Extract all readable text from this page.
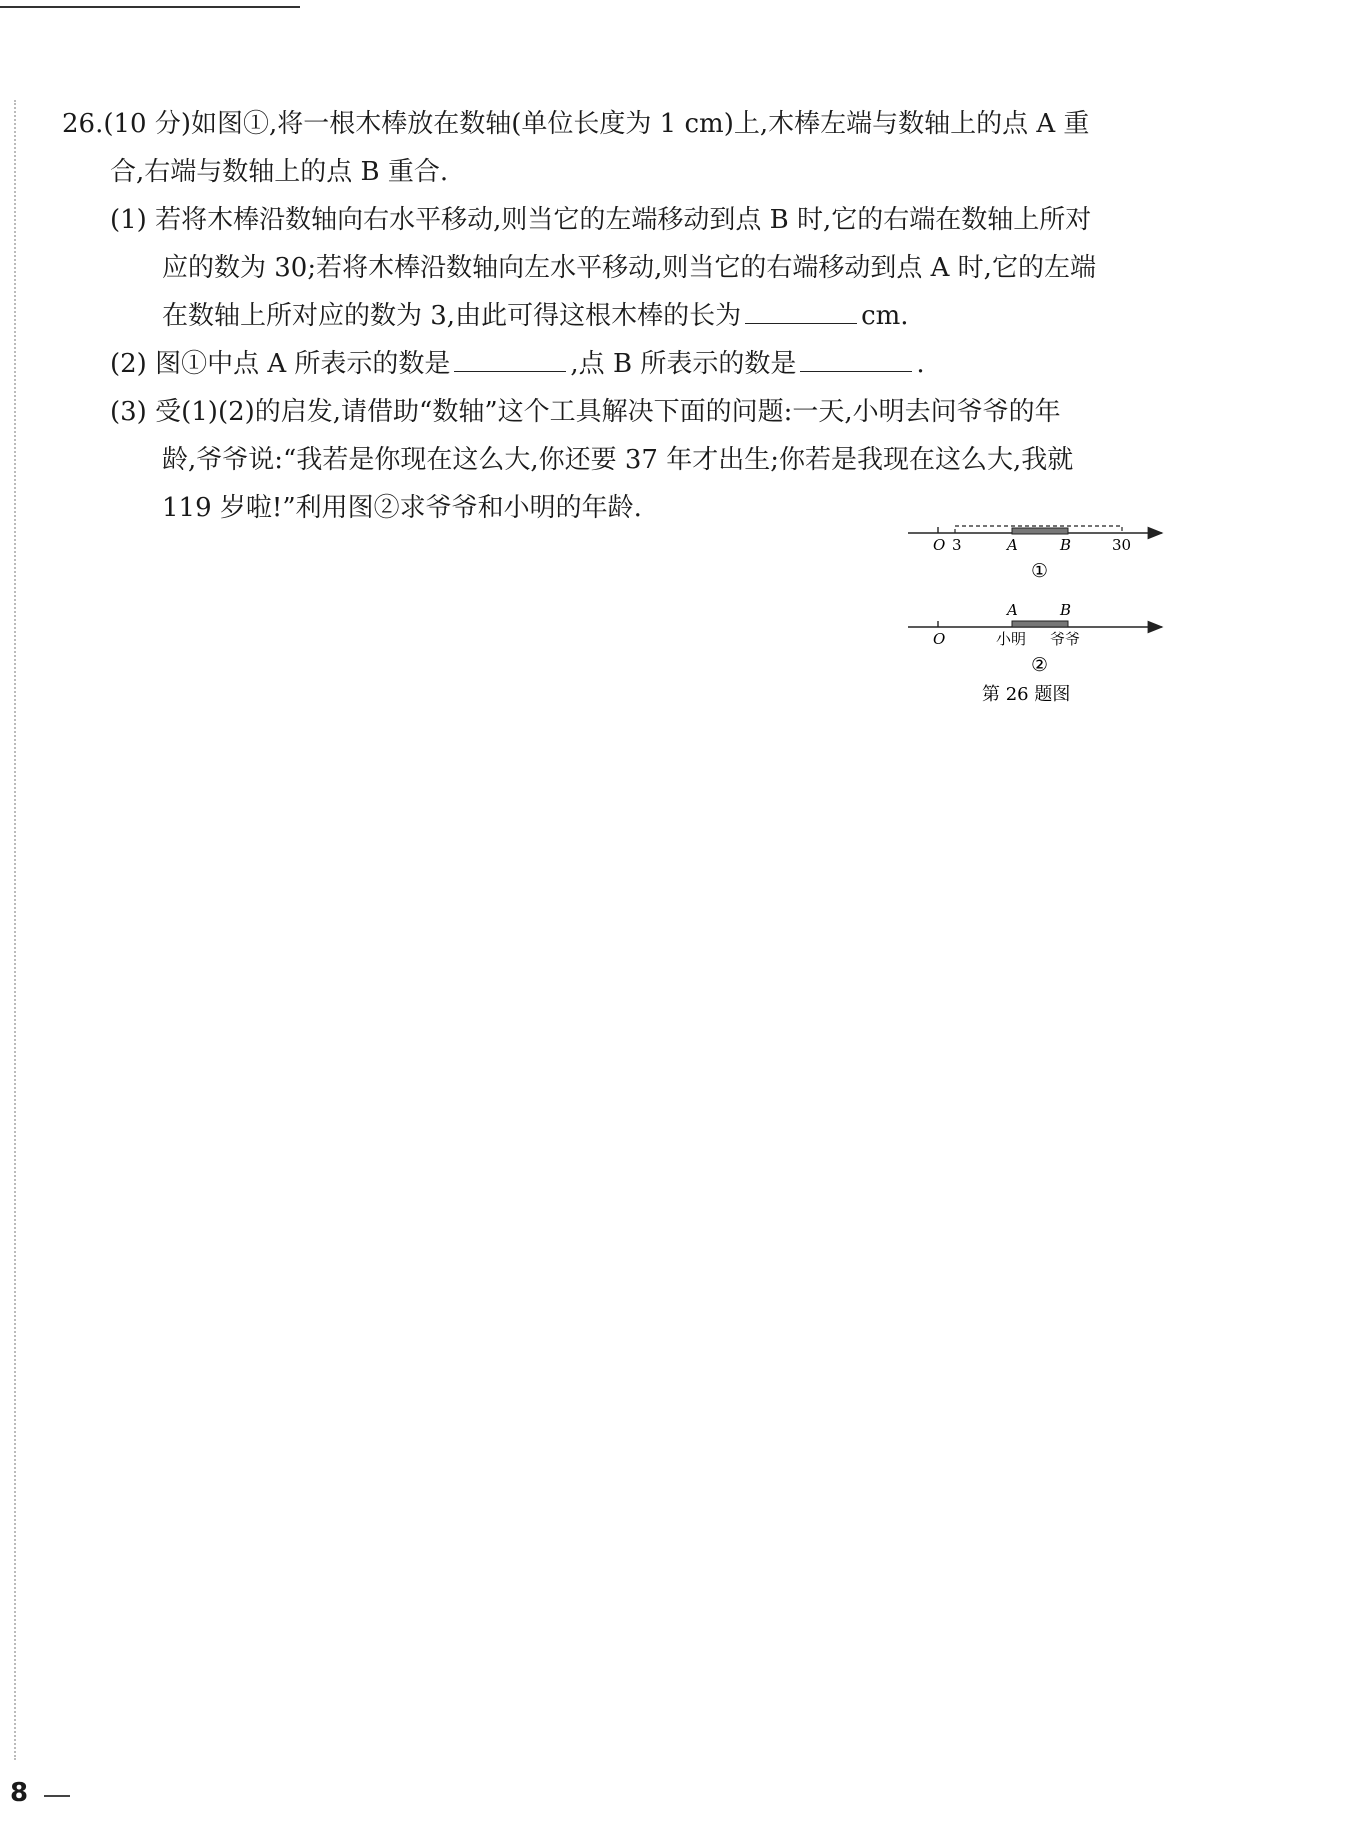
26.(10 分)如图①,将一根木棒放在数轴(单位长度为 1 cm)上,木棒左端与数轴上的点 A 重
合,右端与数轴上的点 B 重合.
(1) 若将木棒沿数轴向右水平移动,则当它的左端移动到点 B 时,它的右端在数轴上所对
应的数为 30;若将木棒沿数轴向左水平移动,则当它的右端移动到点 A 时,它的左端
在数轴上所对应的数为 3,由此可得这根木棒的长为	cm.
(2) 图①中点 A 所表示的数是	,点 B 所表示的数是	.
(3) 受(1)(2)的启发,请借助“数轴”这个工具解决下面的问题:一天,小明去问爷爷的年
龄,爷爷说:“我若是你现在这么大,你还要 37 年才出生;你若是我现在这么大,我就
119 岁啦!”利用图②求爷爷和小明的年龄.
O 3	A	B	30
①
A	B
O	小明 爷爷
②
第 26 题图
8
